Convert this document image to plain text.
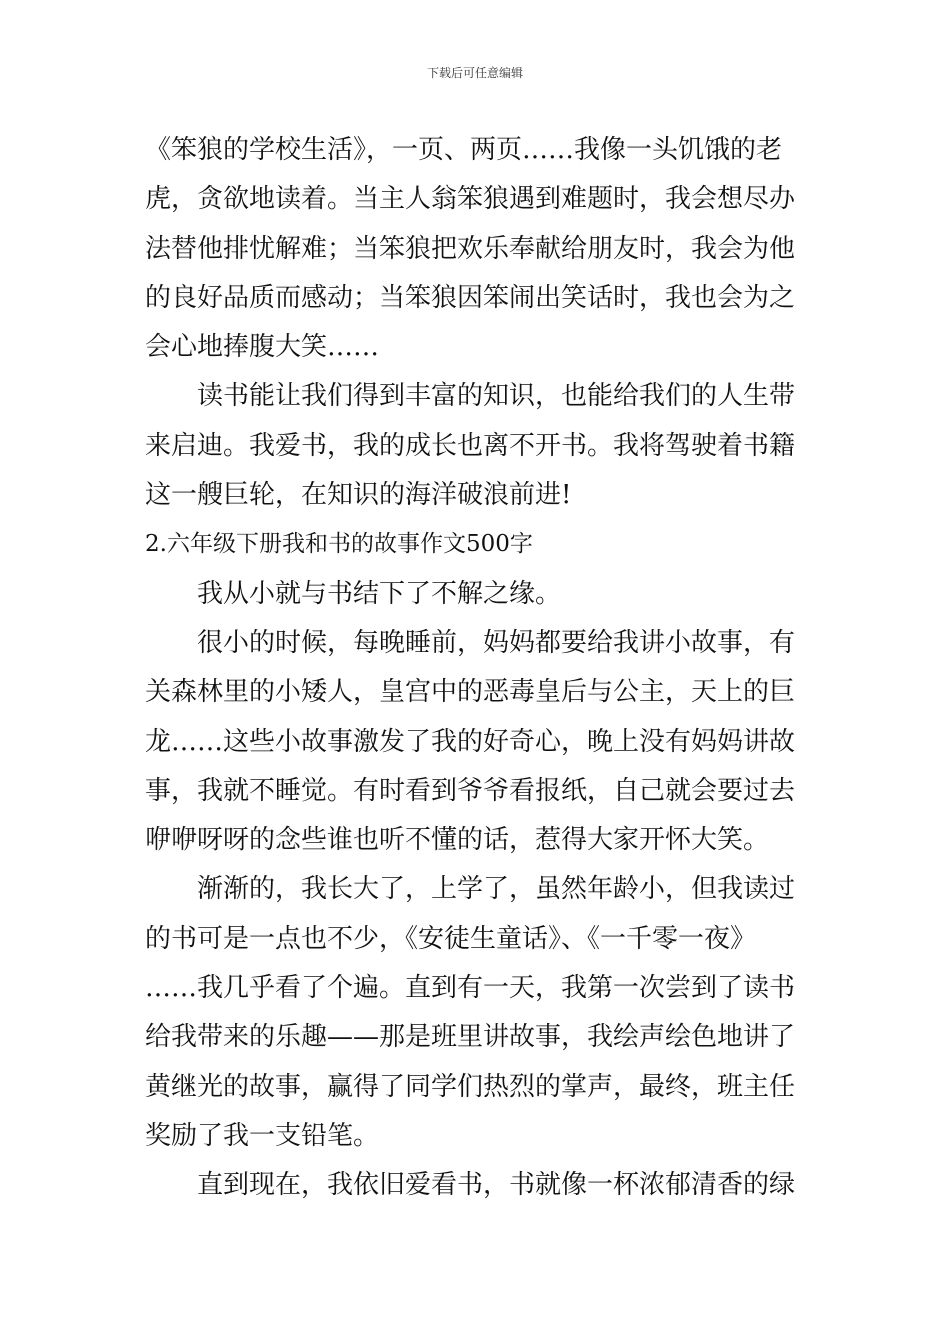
下载后可任意编辑
《笨狼的学校生活》，一页、两页……我像一头饥饿的老
虎，贪欲地读着。当主人翁笨狼遇到难题时，我会想尽办
法替他排忧解难；当笨狼把欢乐奉献给朋友时，我会为他
的良好品质而感动；当笨狼因笨闹出笑话时，我也会为之
会心地捧腹大笑……
读书能让我们得到丰富的知识，也能给我们的人生带
来启迪。我爱书，我的成长也离不开书。我将驾驶着书籍
这一艘巨轮，在知识的海洋破浪前进!
2.六年级下册我和书的故事作文500字
我从小就与书结下了不解之缘。
很小的时候，每晚睡前，妈妈都要给我讲小故事，有
关森林里的小矮人，皇宫中的恶毒皇后与公主，天上的巨
龙……这些小故事激发了我的好奇心，晚上没有妈妈讲故
事，我就不睡觉。有时看到爷爷看报纸，自己就会要过去
咿咿呀呀的念些谁也听不懂的话，惹得大家开怀大笑。
渐渐的，我长大了，上学了，虽然年龄小，但我读过
的书可是一点也不少，《安徒生童话》、《一千零一夜》
……我几乎看了个遍。直到有一天，我第一次尝到了读书
给我带来的乐趣——那是班里讲故事，我绘声绘色地讲了
黄继光的故事，赢得了同学们热烈的掌声，最终，班主任
奖励了我一支铅笔。
直到现在，我依旧爱看书，书就像一杯浓郁清香的绿
